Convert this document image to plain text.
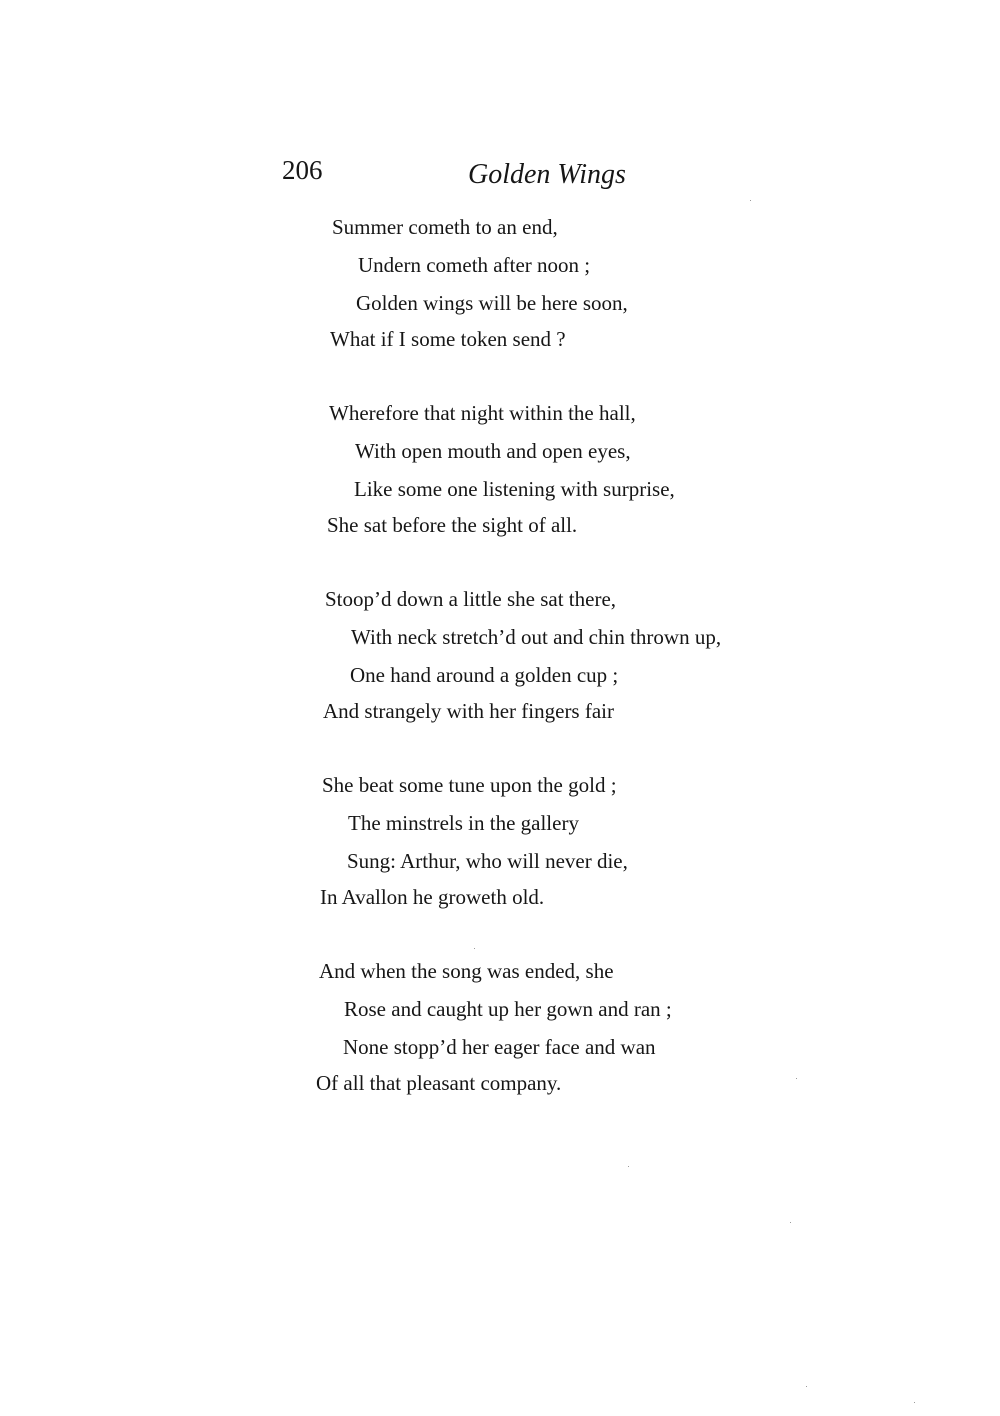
206	Golden Wings
Summer cometh to an end,
Undern cometh after noon ;
Golden wings will be here soon,
What if I some token send ?
Wherefore that night within the hall,
With open mouth and open eyes,
Like some one listening with surprise,
She sat before the sight of all.
Stoop’d down a little she sat there,
With neck stretch’d out and chin thrown up,
One hand around a golden cup ;
And strangely with her fingers fair
She beat some tune upon the gold ;
The minstrels in the gallery
Sung: Arthur, who will never die,
In Avallon he groweth old.
And when the song was ended, she
Rose and caught up her gown and ran ;
None stopp’d her eager face and wan
Of all that pleasant company.
